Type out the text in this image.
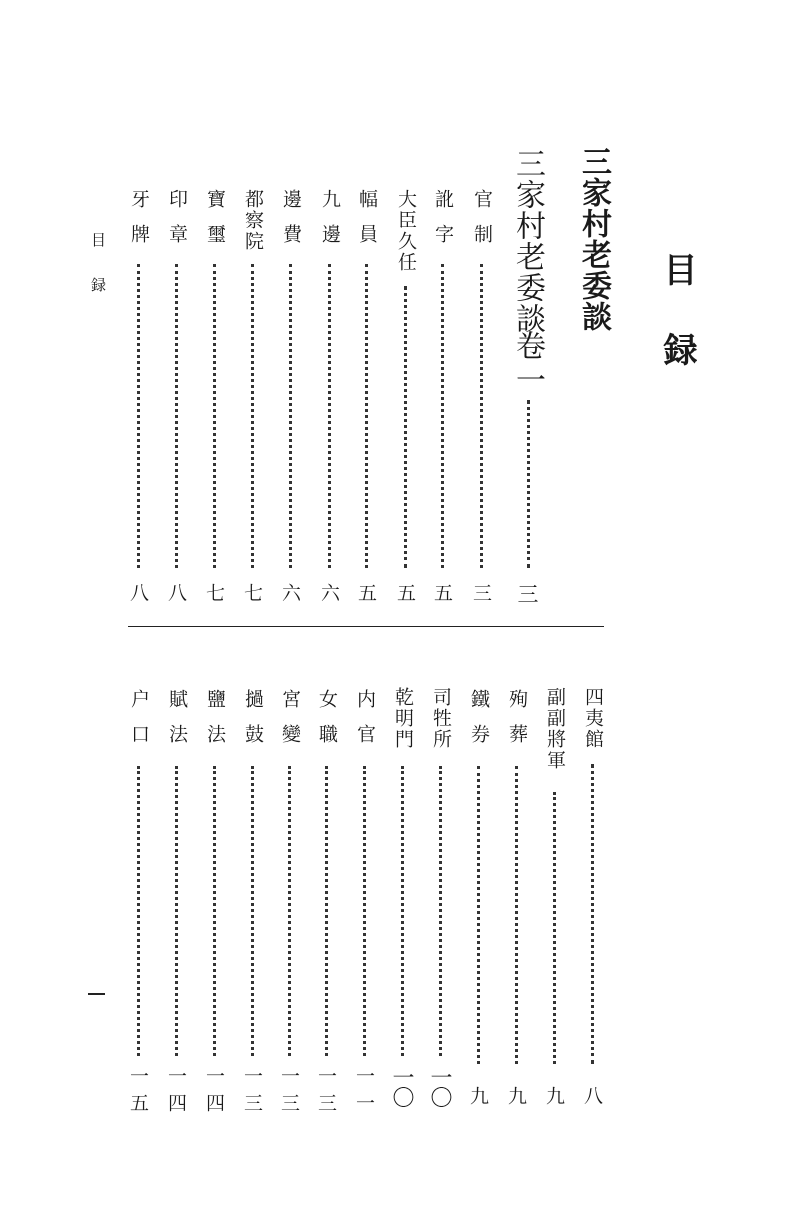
目録
三家村老委談
三家村老委談
卷一
三
官制
三
訛字
五
大臣久任
五
幅員
五
九邊
六
邊費
六
都察院
七
寶璽
七
印章
八
牙牌
八
目録
四夷館
八
副副將軍
九
殉葬
九
鐵券
九
司牲所
一〇
乾明門
一〇
内官
一一
女職
一三
宮變
一三
撾鼓
一三
鹽法
一四
賦法
一四
户口
一五
